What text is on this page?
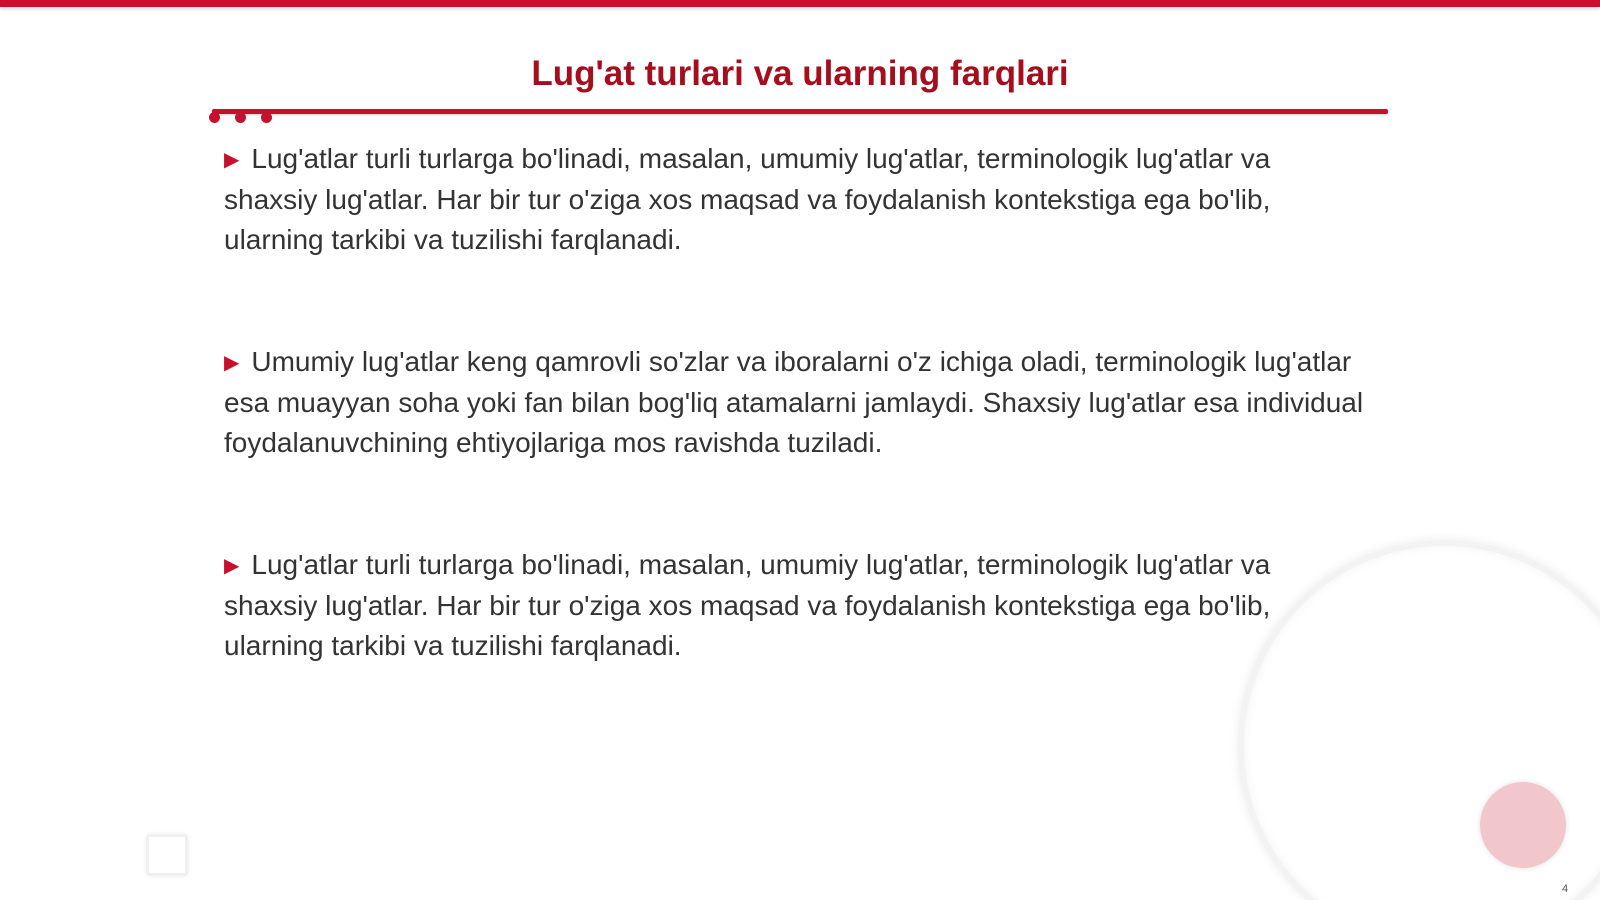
Lug'at turlari va ularning farqlari

▶ Lug'atlar turli turlarga bo'linadi, masalan, umumiy lug'atlar, terminologik lug'atlar va shaxsiy lug'atlar. Har bir tur o'ziga xos maqsad va foydalanish kontekstiga ega bo'lib, ularning tarkibi va tuzilishi farqlanadi.

▶ Umumiy lug'atlar keng qamrovli so'zlar va iboralarni o'z ichiga oladi, terminologik lug'atlar esa muayyan soha yoki fan bilan bog'liq atamalarni jamlaydi. Shaxsiy lug'atlar esa individual foydalanuvchining ehtiyojlariga mos ravishda tuziladi.

▶ Lug'atlar turli turlarga bo'linadi, masalan, umumiy lug'atlar, terminologik lug'atlar va shaxsiy lug'atlar. Har bir tur o'ziga xos maqsad va foydalanish kontekstiga ega bo'lib, ularning tarkibi va tuzilishi farqlanadi.

4
